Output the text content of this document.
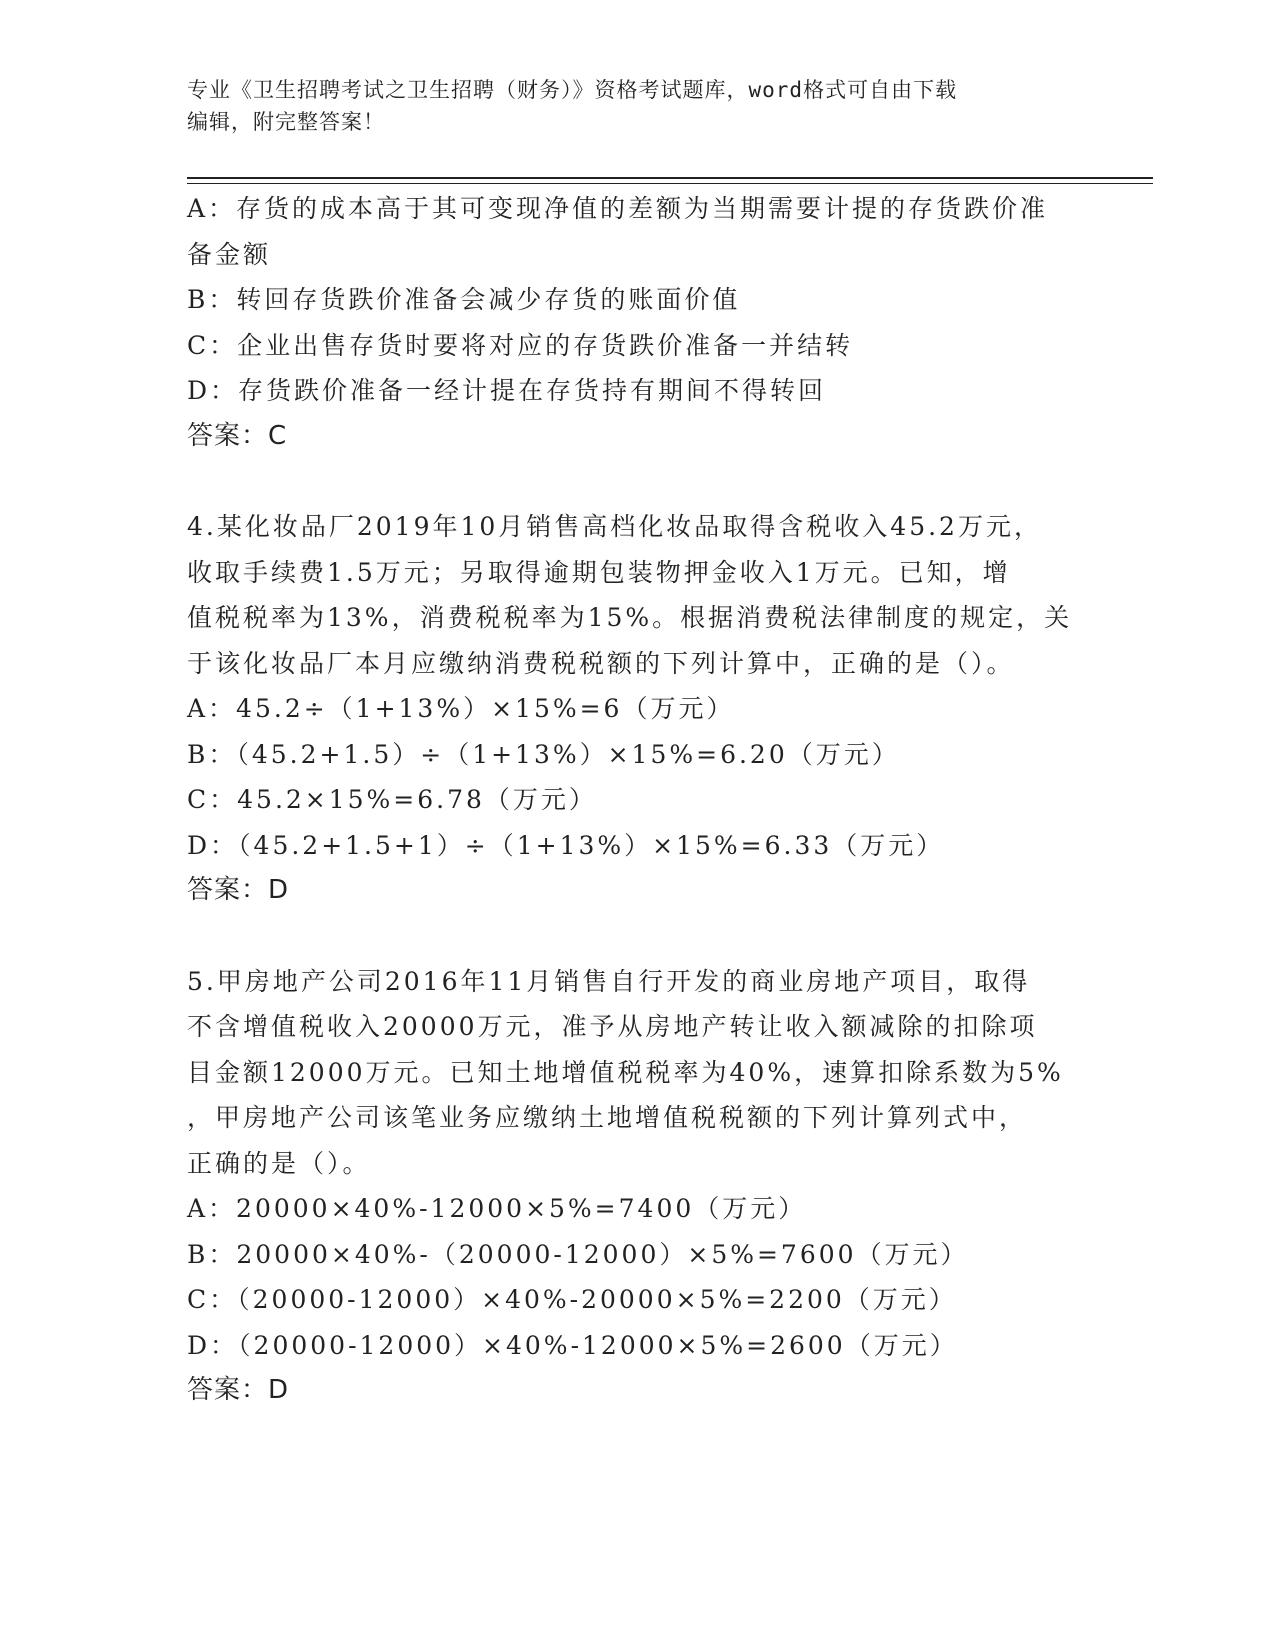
专业《卫生招聘考试之卫生招聘（财务）》资格考试题库，word格式可自由下载
编辑，附完整答案！
A：存货的成本高于其可变现净值的差额为当期需要计提的存货跌价准
备金额
B：转回存货跌价准备会减少存货的账面价值
C：企业出售存货时要将对应的存货跌价准备一并结转
D：存货跌价准备一经计提在存货持有期间不得转回
答案：C
4.某化妆品厂2019年10月销售高档化妆品取得含税收入45.2万元，
收取手续费1.5万元；另取得逾期包装物押金收入1万元。已知，增
值税税率为13%，消费税税率为15%。根据消费税法律制度的规定，关
于该化妆品厂本月应缴纳消费税税额的下列计算中，正确的是（）。
A：45.2÷（1+13%）×15%=6（万元）
B：（45.2+1.5）÷（1+13%）×15%=6.20（万元）
C：45.2×15%=6.78（万元）
D：（45.2+1.5+1）÷（1+13%）×15%=6.33（万元）
答案：D
5.甲房地产公司2016年11月销售自行开发的商业房地产项目，取得
不含增值税收入20000万元，准予从房地产转让收入额减除的扣除项
目金额12000万元。已知土地增值税税率为40%，速算扣除系数为5%
，甲房地产公司该笔业务应缴纳土地增值税税额的下列计算列式中，
正确的是（）。
A：20000×40%-12000×5%=7400（万元）
B：20000×40%-（20000-12000）×5%=7600（万元）
C：（20000-12000）×40%-20000×5%=2200（万元）
D：（20000-12000）×40%-12000×5%=2600（万元）
答案：D
